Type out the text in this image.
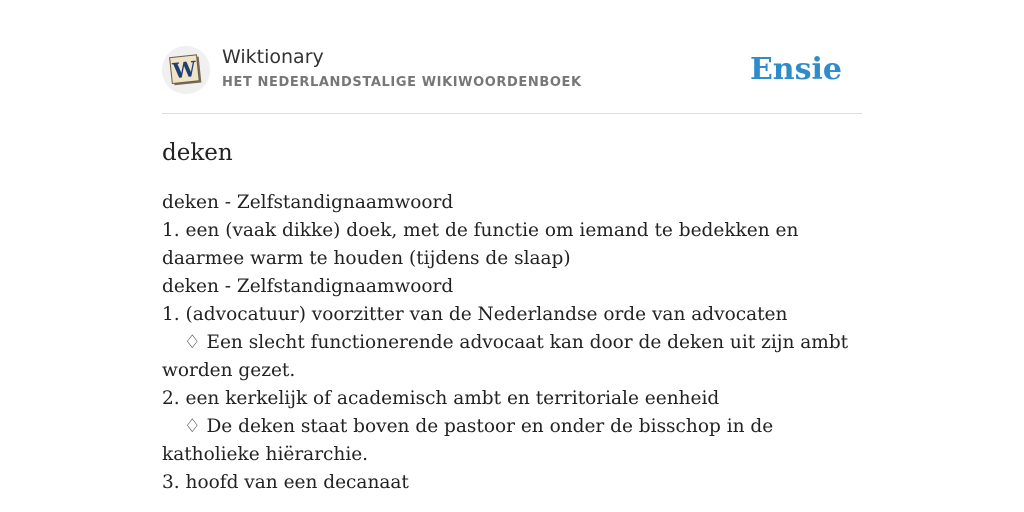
W Wiktionary
HET NEDERLANDSTALIGE WIKIWOORDENBOEK	Ensie
deken
deken - Zelfstandignaamwoord
1. een (vaak dikke) doek, met de functie om iemand te bedekken en daarmee warm te houden (tijdens de slaap)
deken - Zelfstandignaamwoord
1. (advocatuur) voorzitter van de Nederlandse orde van advocaten
♢ Een slecht functionerende advocaat kan door de deken uit zijn ambt worden gezet.
2. een kerkelijk of academisch ambt en territoriale eenheid
♢ De deken staat boven de pastoor en onder de bisschop in de katholieke hiërarchie.
3. hoofd van een decanaat
